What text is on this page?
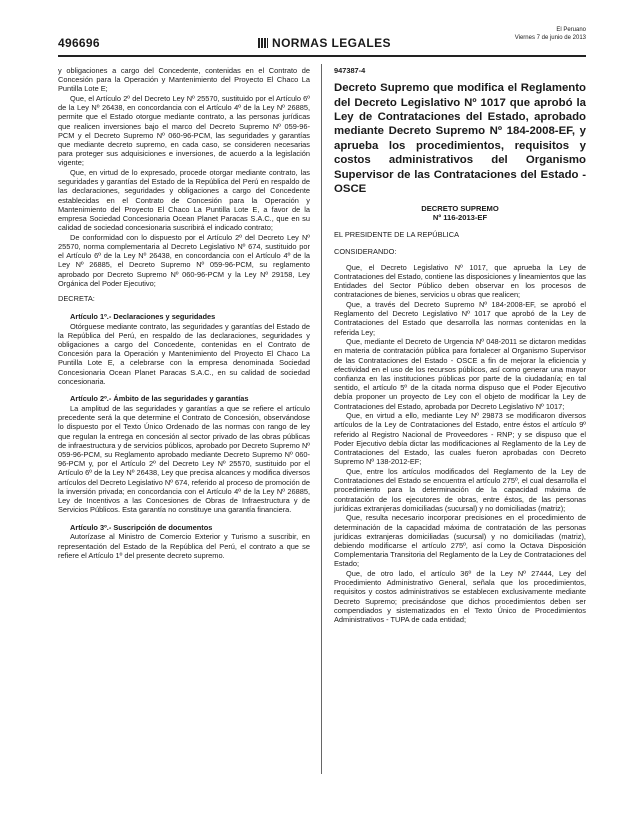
496696	NORMAS LEGALES
El Peruano
Viernes 7 de junio de 2013

y obligaciones a cargo del Concedente, contenidas en el Contrato de Concesión para la Operación y Mantenimiento del Proyecto El Chaco La Puntilla Lote E;

Que, el Artículo 2º del Decreto Ley Nº 25570, sustituido por el Artículo 6º de la Ley Nº 26438, en concordancia con el Artículo 4º de la Ley Nº 26885, permite que el Estado otorgue mediante contrato, a las personas jurídicas que realicen inversiones bajo el marco del Decreto Supremo Nº 059-96-PCM y el Decreto Supremo Nº 060-96-PCM, las seguridades y garantías que mediante decreto supremo, en cada caso, se consideren necesarias para proteger sus adquisiciones e inversiones, de acuerdo a la legislación vigente;

Que, en virtud de lo expresado, procede otorgar mediante contrato, las seguridades y garantías del Estado de la República del Perú en respaldo de las declaraciones, seguridades y obligaciones a cargo del Concedente establecidas en el Contrato de Concesión para la Operación y Mantenimiento del Proyecto El Chaco La Puntilla Lote E, a favor de la empresa Sociedad Concesionaria Ocean Planet Paracas S.A.C., que en su calidad de sociedad concesionaria suscribirá el indicado contrato;

De conformidad con lo dispuesto por el Artículo 2º del Decreto Ley Nº 25570, norma complementaria al Decreto Legislativo Nº 674, sustituido por el Artículo 6º de la Ley Nº 26438, en concordancia con el Artículo 4º de la Ley Nº 26885, el Decreto Supremo Nº 059-96-PCM, su reglamento aprobado por Decreto Supremo Nº 060-96-PCM y la Ley Nº 29158, Ley Orgánica del Poder Ejecutivo;

DECRETA:

Artículo 1º.- Declaraciones y seguridades

Otórguese mediante contrato, las seguridades y garantías del Estado de la República del Perú, en respaldo de las declaraciones, seguridades y obligaciones a cargo del Concedente, contenidas en el Contrato de Concesión para la Operación y Mantenimiento del Proyecto El Chaco La Puntilla Lote E, a celebrarse con la empresa denominada Sociedad Concesionaria Ocean Planet Paracas S.A.C., en su calidad de sociedad concesionaria.

Artículo 2º.- Ámbito de las seguridades y garantías

La amplitud de las seguridades y garantías a que se refiere el artículo precedente será la que determine el Contrato de Concesión, observándose lo dispuesto por el Texto Único Ordenado de las normas con rango de ley que regulan la entrega en concesión al sector privado de las obras públicas de infraestructura y de servicios públicos, aprobado por Decreto Supremo Nº 059-96-PCM, su Reglamento aprobado mediante Decreto Supremo Nº 060-96-PCM y, por el Artículo 2º del Decreto Ley Nº 25570, sustituido por el Artículo 6º de la Ley Nº 26438, Ley que precisa alcances y modifica diversos artículos del Decreto Legislativo Nº 674, referido al proceso de promoción de la inversión privada; en concordancia con el Artículo 4º de la Ley Nº 26885, Ley de Incentivos a las Concesiones de Obras de Infraestructura y de Servicios Públicos. Esta garantía no constituye una garantía financiera.

Artículo 3º.- Suscripción de documentos

Autorízase al Ministro de Comercio Exterior y Turismo a suscribir, en representación del Estado de la República del Perú, el contrato a que se refiere el Artículo 1º del presente decreto supremo.

947387-4
Decreto Supremo que modifica el Reglamento del Decreto Legislativo Nº 1017 que aprobó la Ley de Contrataciones del Estado, aprobado mediante Decreto Supremo Nº 184-2008-EF, y aprueba los procedimientos, requisitos y costos administrativos del Organismo Supervisor de las Contrataciones del Estado - OSCE
DECRETO SUPREMO
Nº 116-2013-EF

EL PRESIDENTE DE LA REPÚBLICA

CONSIDERANDO:

Que, el Decreto Legislativo Nº 1017, que aprueba la Ley de Contrataciones del Estado, contiene las disposiciones y lineamientos que las Entidades del Sector Público deben observar en los procesos de contrataciones de bienes, servicios u obras que realicen;

Que, a través del Decreto Supremo Nº 184-2008-EF, se aprobó el Reglamento del Decreto Legislativo Nº 1017 que aprobó de la Ley de Contrataciones del Estado que desarrolla las normas contenidas en la referida Ley;

Que, mediante el Decreto de Urgencia Nº 048-2011 se dictaron medidas en materia de contratación pública para fortalecer al Organismo Supervisor de las Contrataciones del Estado - OSCE a fin de mejorar la eficiencia y efectividad en el uso de los recursos públicos, así como generar una mayor confianza en las instituciones públicas por parte de la ciudadanía; en tal sentido, el artículo 5º de la citada norma dispuso que el Poder Ejecutivo debía proponer un proyecto de Ley con el objeto de modificar la Ley de Contrataciones del Estado, aprobada por Decreto Legislativo Nº 1017;

Que, en virtud a ello, mediante Ley Nº 29873 se modificaron diversos artículos de la Ley de Contrataciones del Estado, entre éstos el artículo 9º referido al Registro Nacional de Proveedores - RNP; y se dispuso que el Poder Ejecutivo debía dictar las modificaciones al Reglamento de la Ley de Contrataciones del Estado, las cuales fueron aprobadas con Decreto Supremo Nº 138-2012-EF;

Que, entre los artículos modificados del Reglamento de la Ley de Contrataciones del Estado se encuentra el artículo 275º, el cual desarrolla el procedimiento para la determinación de la capacidad máxima de contratación de los ejecutores de obras, entre éstos, de las personas jurídicas extranjeras domiciliadas (sucursal) y no domiciliadas (matriz);

Que, resulta necesario incorporar precisiones en el procedimiento de determinación de la capacidad máxima de contratación de las personas jurídicas extranjeras domiciliadas (sucursal) y no domiciliadas (matriz), debiendo modificarse el artículo 275º, así como la Octava Disposición Complementaria Transitoria del Reglamento de la Ley de Contrataciones del Estado;

Que, de otro lado, el artículo 36º de la Ley Nº 27444, Ley del Procedimiento Administrativo General, señala que los procedimientos, requisitos y costos administrativos se establecen exclusivamente mediante Decreto Supremo; precisándose que dichos procedimientos deben ser compendiados y sistematizados en el Texto Único de Procedimientos Administrativos - TUPA de cada entidad;
